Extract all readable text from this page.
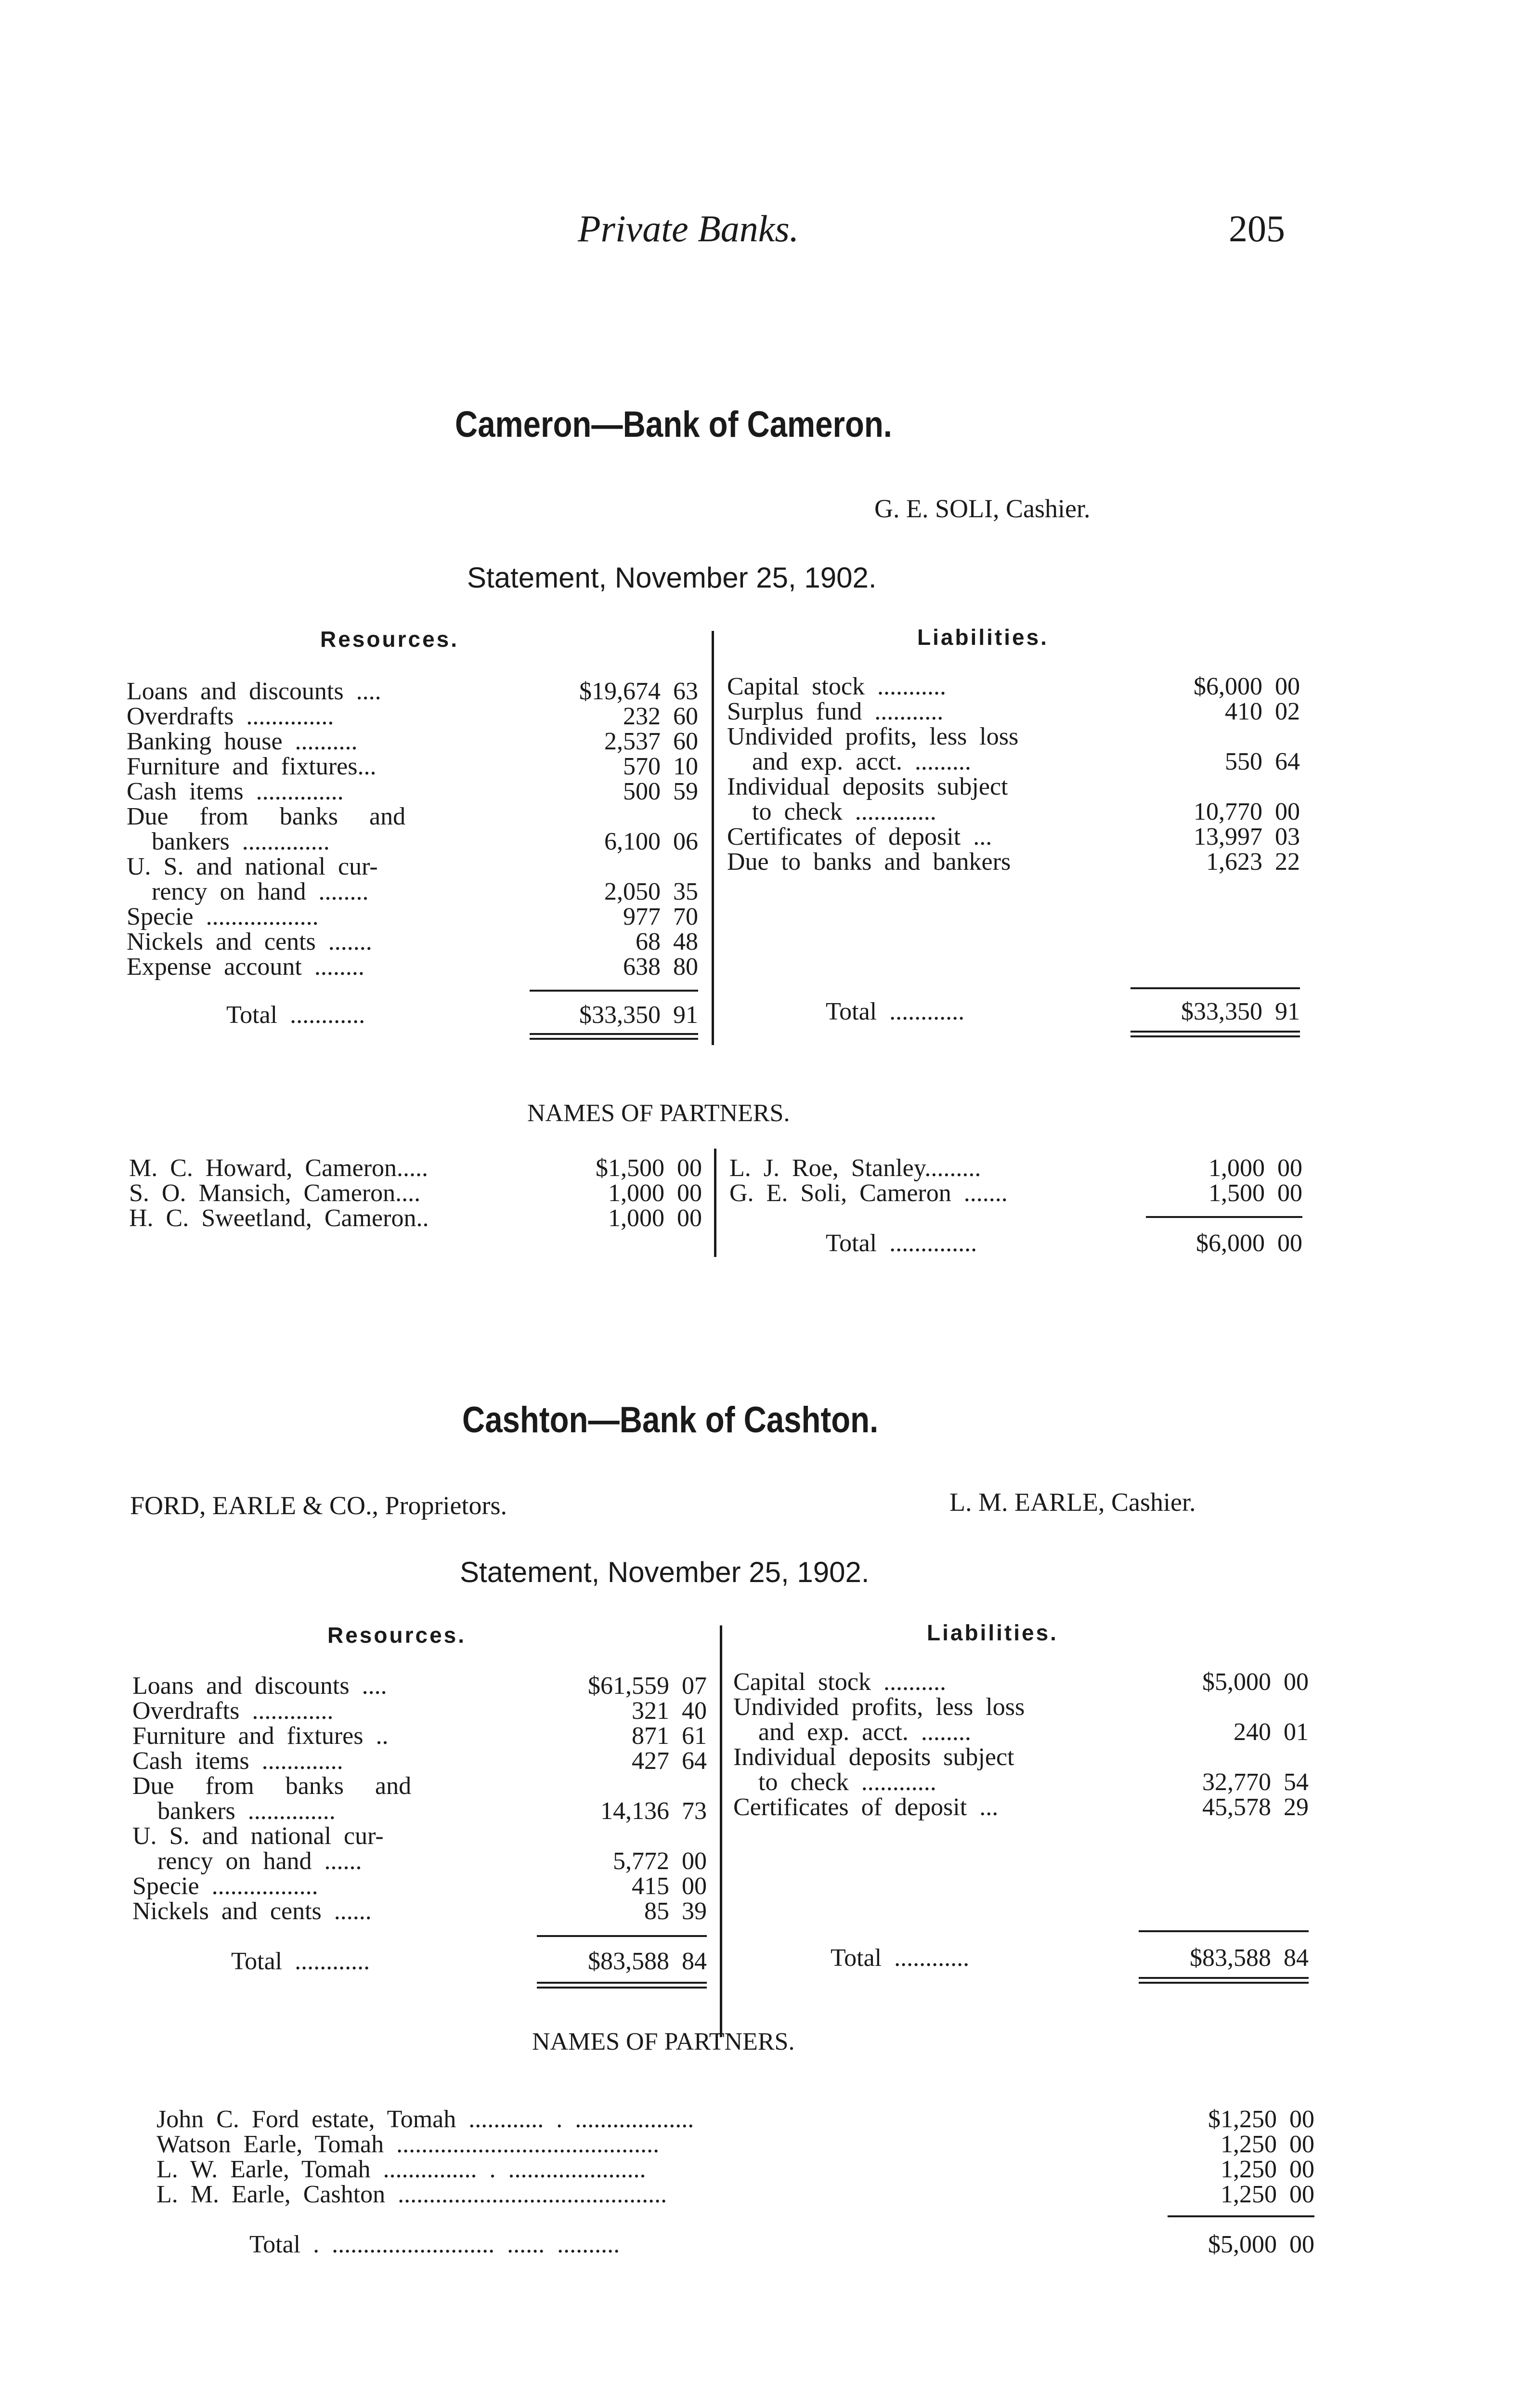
Private Banks.	205
Cameron—Bank of Cameron.
G. E. SOLI, Cashier.
Statement, November 25, 1902.
Resources.	Liabilities.

Loans  and  discounts  ....	$19,674  63

Overdrafts  ..............	232  60

Banking  house  ..........	2,537  60

Furniture  and  fixtures...	570  10

Cash  items  ..............	500  59

Due     from     banks     and

bankers  ..............	6,100  06

U.  S.  and  national  cur-

rency  on  hand  ........	2,050  35

Specie  ..................	977  70

Nickels  and  cents  .......	68  48

Expense  account  ........	638  80

Total  ............	$33,350  91

Capital  stock  ...........	$6,000  00

Surplus  fund  ...........	410  02

Undivided  profits,  less  loss

and  exp.  acct.  .........	550  64

Individual  deposits  subject

to  check  .............	10,770  00

Certificates  of  deposit  ...	13,997  03

Due  to  banks  and  bankers	1,623  22

Total  ............	$33,350  91

NAMES OF PARTNERS.

M.  C.  Howard,  Cameron.....	$1,500  00

S.  O.  Mansich,  Cameron....	1,000  00

H.  C.  Sweetland,  Cameron..	1,000  00

L.  J.  Roe,  Stanley.........	1,000  00

G.  E.  Soli,  Cameron  .......	1,500  00

Total  ..............	$6,000  00

Cashton—Bank of Cashton.
FORD, EARLE & CO., Proprietors.	L. M. EARLE, Cashier.
Statement, November 25, 1902.
Resources.	Liabilities.

Loans  and  discounts  ....	$61,559  07

Overdrafts  .............	321  40

Furniture  and  fixtures  ..	871  61

Cash  items  .............	427  64

Due     from     banks     and

bankers  ..............	14,136  73

U.  S.  and  national  cur-

rency  on  hand  ......	5,772  00

Specie  .................	415  00

Nickels  and  cents  ......	85  39

Total  ............	$83,588  84

Capital  stock  ..........	$5,000  00

Undivided  profits,  less  loss

and  exp.  acct.  ........	240  01

Individual  deposits  subject

to  check  ............	32,770  54

Certificates  of  deposit  ...	45,578  29

Total  ............	$83,588  84

NAMES OF PARTNERS.

John  C.  Ford  estate,  Tomah  ............  .  ...................	$1,250  00

Watson  Earle,  Tomah  ..........................................	1,250  00

L.  W.  Earle,  Tomah  ...............  .  ......................	1,250  00

L.  M.  Earle,  Cashton  ...........................................	1,250  00

Total  .  ..........................  ......  ..........	$5,000  00
